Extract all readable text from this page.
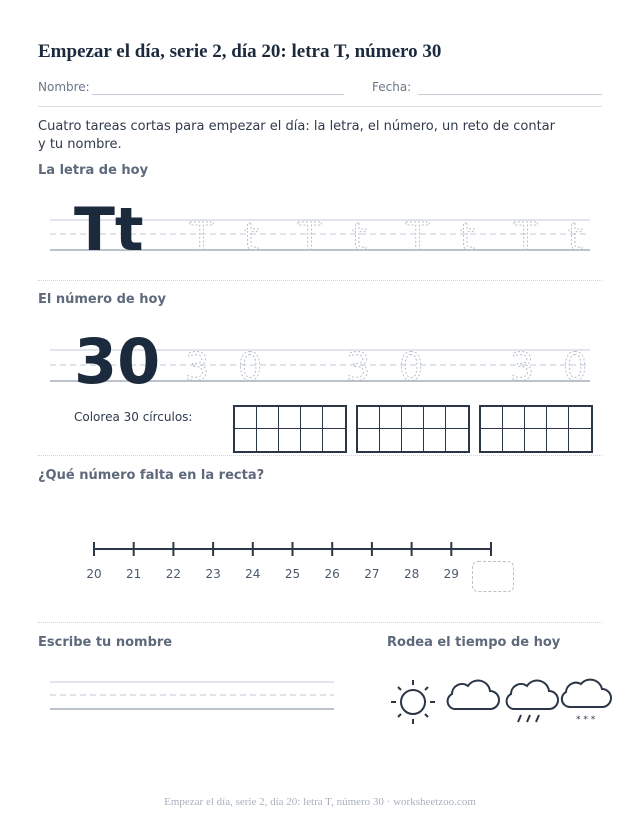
Empezar el día, serie 2, día 20: letra T, número 30
Nombre:	Fecha:
Cuatro tareas cortas para empezar el día: la letra, el número, un reto de contar y tu nombre.
La letra de hoy
Tt T t T t T t T t
El número de hoy
30 3 0 3 0 3 0
Colorea 30 círculos:
¿Qué número falta en la recta?
20	21	22	23	24	25	26	27	28	29
Escribe tu nombre	Rodea el tiempo de hoy
* * *
Empezar el día, serie 2, día 20: letra T, número 30 · worksheetzoo.com
